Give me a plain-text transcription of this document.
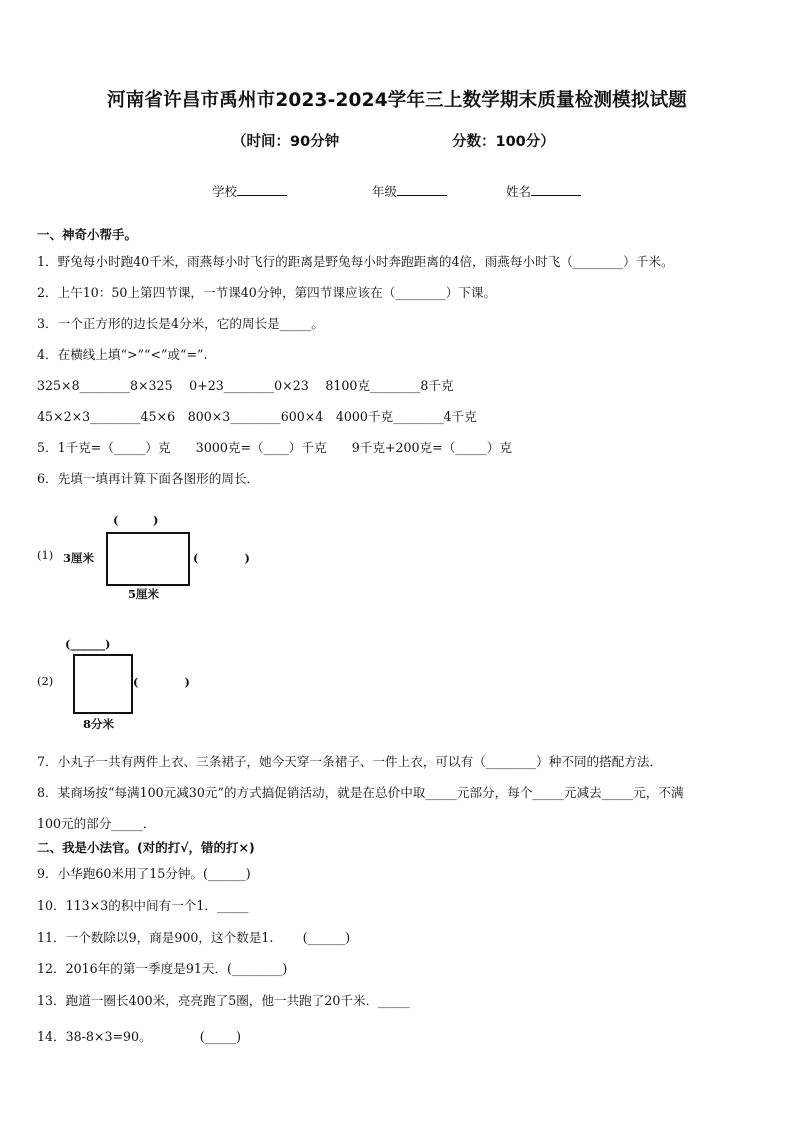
河南省许昌市禹州市2023-2024学年三上数学期末质量检测模拟试题
（时间：90分钟	分数：100分）
学校	年级	姓名
一、神奇小帮手。
1．野兔每小时跑40千米，雨燕每小时飞行的距离是野兔每小时奔跑距离的4倍，雨燕每小时飞（________）千米。
2．上午10：50上第四节课，一节课40分钟，第四节课应该在（________）下课。
3．一个正方形的边长是4分米，它的周长是_____。
4．在横线上填“>”“<”或“=”.
325×8________8×325　 0+23________0×23　 8100克________8千克
45×2×3________45×6　800×3________600×4　4000千克________4千克
5．1千克=（_____）克　　3000克=（____）千克　　9千克+200克=（_____）克
6．先填一填再计算下面各图形的周长．
(1)
(　　　)
3厘米
5厘米
(　　　　)
(2)
(______)
8分米
(　　　　)
7．小丸子一共有两件上衣、三条裙子，她今天穿一条裙子、一件上衣，可以有（________）种不同的搭配方法．
8．某商场按“每满100元减30元”的方式搞促销活动，就是在总价中取_____元部分，每个_____元减去_____元，不满
100元的部分_____．
二、我是小法官。(对的打√，错的打×)
9．小华跑60米用了15分钟。(______)
10．113×3的积中间有一个1．_____
11．一个数除以9，商是900，这个数是1.　　 (______)
12．2016年的第一季度是91天．(________)
13．跑道一圈长400米，亮亮跑了5圈，他一共跑了20千米．_____
14．38-8×3=90。　　　　 (_____)
